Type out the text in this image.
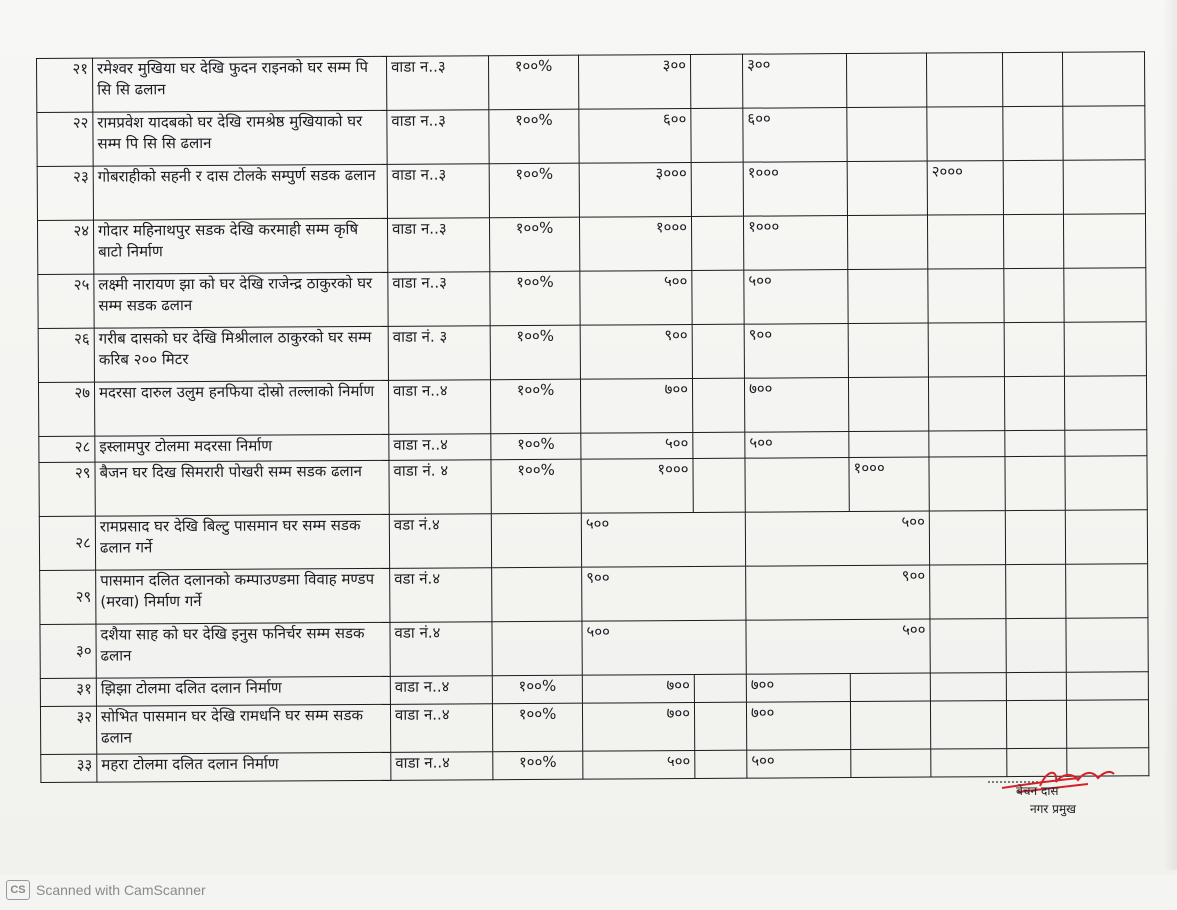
२१	रमेश्वर मुखिया घर देखि फुदन राइनको घर सम्म पि सि सि ढलान	वाडा न..३	१००%	३००		३००				
२२	रामप्रवेश यादबको घर देखि रामश्रेष्ठ मुखियाको घर सम्म पि सि सि ढलान	वाडा न..३	१००%	६००		६००				
२३	गोबराहीको सहनी र दास टोलके सम्पुर्ण सडक ढलान	वाडा न..३	१००%	३०००		१०००		२०००		
२४	गोदार महिनाथपुर सडक देखि करमाही सम्म कृषि बाटो निर्माण	वाडा न..३	१००%	१०००		१०००				
२५	लक्ष्मी नारायण झा को घर देखि राजेन्द्र ठाकुरको घर सम्म सडक ढलान	वाडा न..३	१००%	५००		५००				
२६	गरीब दासको घर देखि मिश्रीलाल ठाकुरको घर सम्म करिब २०० मिटर	वाडा नं. ३	१००%	९००		९००				
२७	मदरसा दारुल उलुम हनफिया दोस्रो तल्लाको निर्माण	वाडा न..४	१००%	७००		७००				
२८	इस्लामपुर टोलमा मदरसा निर्माण	वाडा न..४	१००%	५००		५००				
२९	बैजन घर दिख सिमरारी पोखरी सम्म सडक ढलान	वाडा नं. ४	१००%	१०००			१०००			
२८	रामप्रसाद घर देखि बिल्टु पासमान घर सम्म सडक ढलान गर्ने	वडा नं.४		५००		५००				
२९	पासमान दलित दलानको कम्पाउण्डमा विवाह मण्डप (मरवा) निर्माण गर्ने	वडा नं.४		९००		९००				
३०	दशैया साह को घर देखि इनुस फनिर्चर सम्म सडक ढलान	वडा नं.४		५००		५००				
३१	झिझा टोलमा दलित दलान निर्माण	वाडा न..४	१००%	७००		७००				
३२	सोभित पासमान घर देखि रामधनि घर सम्म सडक ढलान	वाडा न..४	१००%	७००		७००				
३३	महरा टोलमा दलित दलान निर्माण	वाडा न..४	१००%	५००		५००				
बेचन दास
नगर प्रमुख
CS Scanned with CamScanner
